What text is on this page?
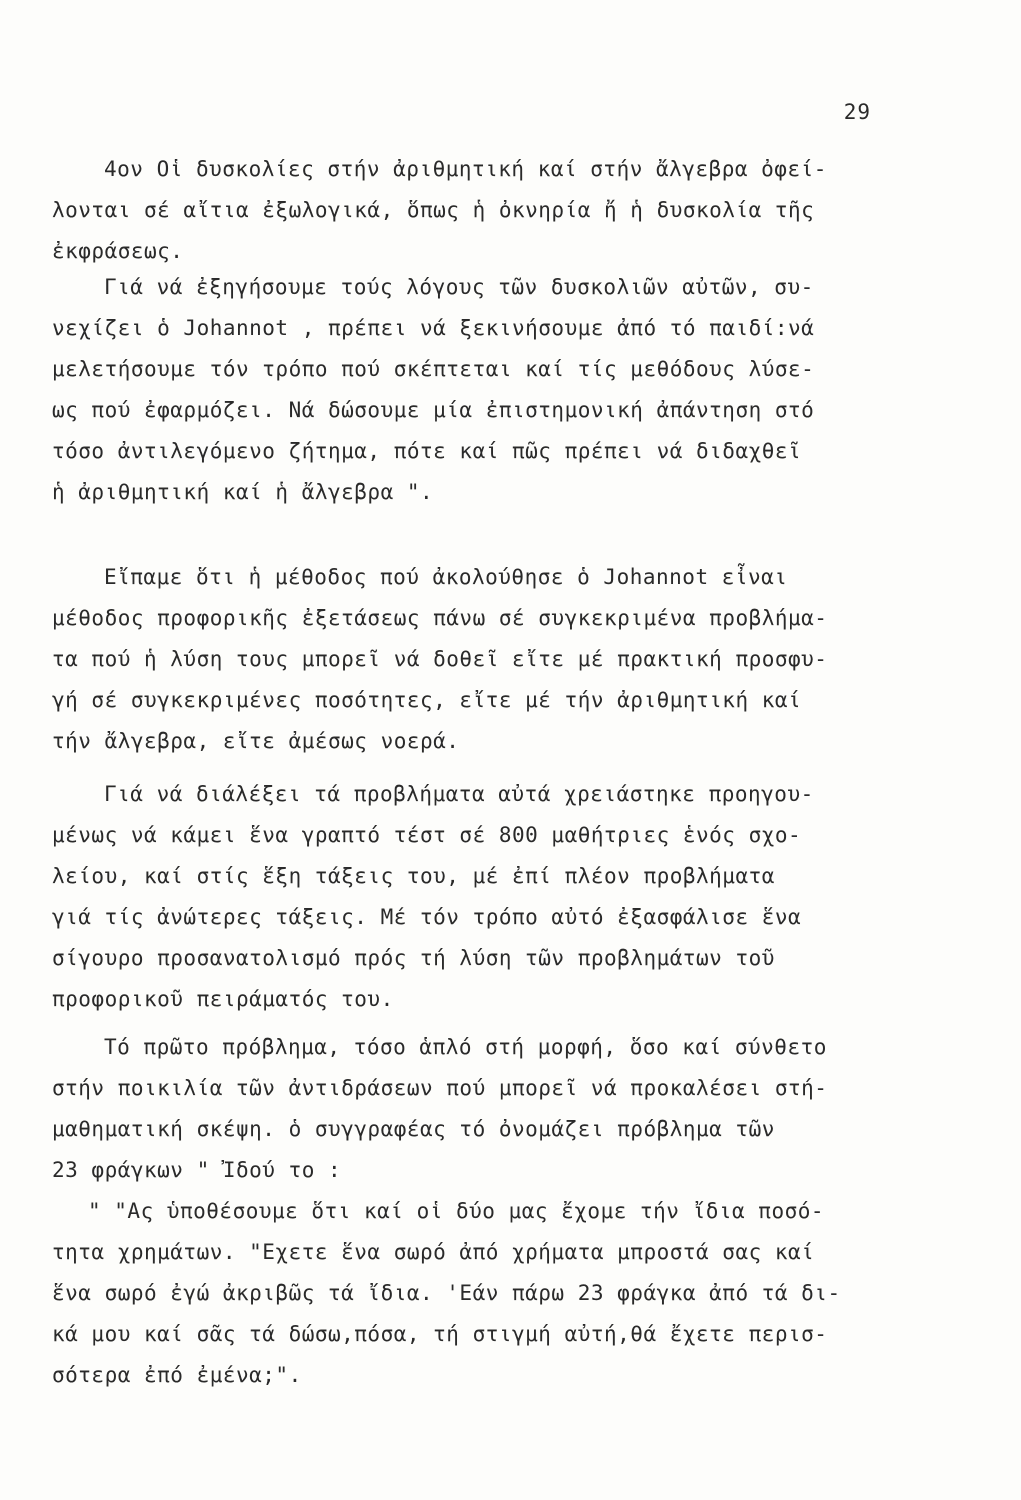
29
4ον Οἱ δυσκολίες στήν ἀριθμητική καί στήν ἄλγεβρα ὀφεί-
λονται σέ αἴτια ἐξωλογικά, ὅπως ἡ ὀκνηρία ἤ ἡ δυσκολία τῆς
ἐκφράσεως.
Γιά νά ἐξηγήσουμε τούς λόγους τῶν δυσκολιῶν αὐτῶν, συ-
νεχίζει ὁ Johannot , πρέπει νά ξεκινήσουμε ἀπό τό παιδί:νά
μελετήσουμε τόν τρόπο πού σκέπτεται καί τίς μεθόδους λύσε-
ως πού ἐφαρμόζει. Νά δώσουμε μία ἐπιστημονική ἀπάντηση στό
τόσο ἀντιλεγόμενο ζήτημα, πότε καί πῶς πρέπει νά διδαχθεῖ
ἡ ἀριθμητική καί ἡ ἄλγεβρα ".
Εἴπαμε ὅτι ἡ μέθοδος πού ἀκολούθησε ὁ Johannot εἶναι
μέθοδος προφορικῆς ἐξετάσεως πάνω σέ συγκεκριμένα προβλήμα-
τα πού ἡ λύση τους μπορεῖ νά δοθεῖ εἴτε μέ πρακτική προσφυ-
γή σέ συγκεκριμένες ποσότητες, εἴτε μέ τήν ἀριθμητική καί
τήν ἄλγεβρα, εἴτε ἀμέσως νοερά.
Γιά νά διάλέξει τά προβλήματα αὐτά χρειάστηκε προηγου-
μένως νά κάμει ἕνα γραπτό τέστ σέ 800 μαθήτριες ἑνός σχο-
λείου, καί στίς ἕξη τάξεις του, μέ ἐπί πλέον προβλήματα
γιά τίς ἀνώτερες τάξεις. Μέ τόν τρόπο αὐτό ἐξασφάλισε ἕνα
σίγουρο προσανατολισμό πρός τή λύση τῶν προβλημάτων τοῦ
προφορικοῦ πειράματός του.
Τό πρῶτο πρόβλημα, τόσο ἁπλό στή μορφή, ὅσο καί σύνθετο
στήν ποικιλία τῶν ἀντιδράσεων πού μπορεῖ νά προκαλέσει στή-
μαθηματική σκέψη. ὁ συγγραφέας τό ὀνομάζει πρόβλημα τῶν
23 φράγκων " Ἰδού το :
" "Ας ὑποθέσουμε ὅτι καί οἱ δύο μας ἔχομε τήν ἴδια ποσό-
τητα χρημάτων. "Εχετε ἕνα σωρό ἀπό χρήματα μπροστά σας καί
ἕνα σωρό ἐγώ ἀκριβῶς τά ἴδια. 'Εάν πάρω 23 φράγκα ἀπό τά δι-
κά μου καί σᾶς τά δώσω,πόσα, τή στιγμή αὐτή,θά ἔχετε περισ-
σότερα ἐπό ἐμένα;".
